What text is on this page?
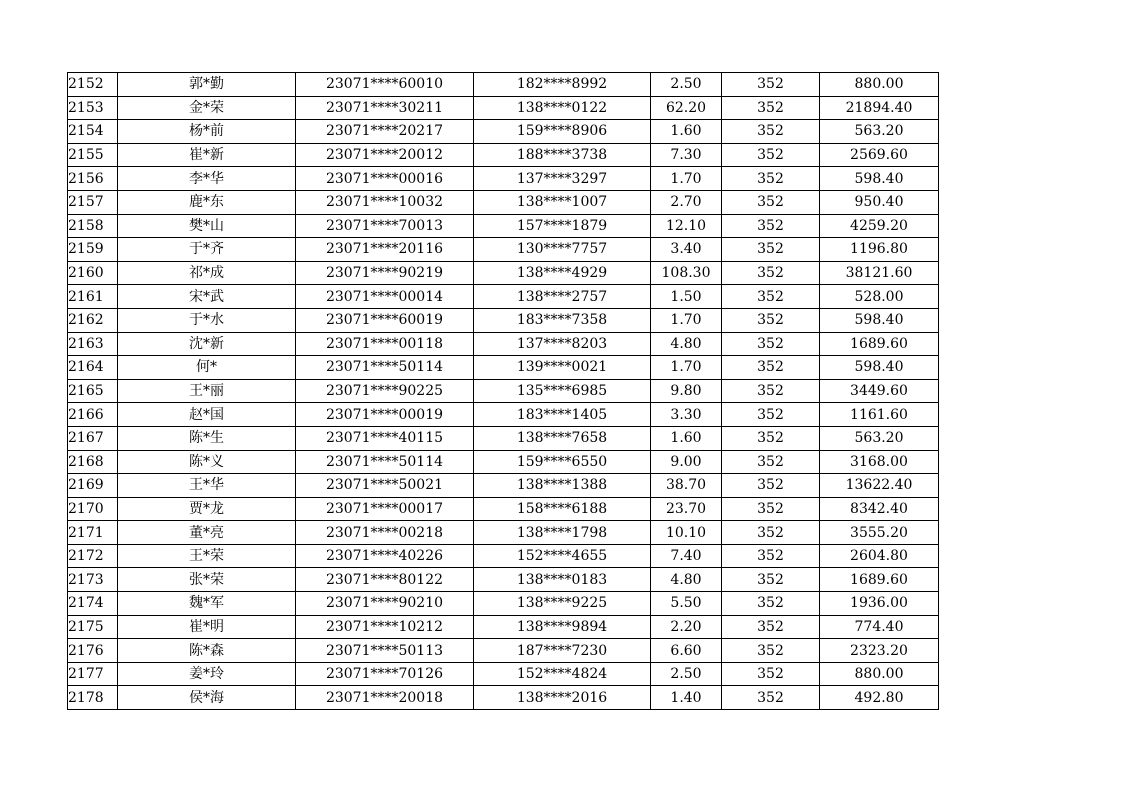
2152	郭*勤	23071****60010	182****8992	2.50	352	880.00
2153	金*荣	23071****30211	138****0122	62.20	352	21894.40
2154	杨*前	23071****20217	159****8906	1.60	352	563.20
2155	崔*新	23071****20012	188****3738	7.30	352	2569.60
2156	李*华	23071****00016	137****3297	1.70	352	598.40
2157	鹿*东	23071****10032	138****1007	2.70	352	950.40
2158	樊*山	23071****70013	157****1879	12.10	352	4259.20
2159	于*齐	23071****20116	130****7757	3.40	352	1196.80
2160	祁*成	23071****90219	138****4929	108.30	352	38121.60
2161	宋*武	23071****00014	138****2757	1.50	352	528.00
2162	于*水	23071****60019	183****7358	1.70	352	598.40
2163	沈*新	23071****00118	137****8203	4.80	352	1689.60
2164	何*	23071****50114	139****0021	1.70	352	598.40
2165	王*丽	23071****90225	135****6985	9.80	352	3449.60
2166	赵*国	23071****00019	183****1405	3.30	352	1161.60
2167	陈*生	23071****40115	138****7658	1.60	352	563.20
2168	陈*义	23071****50114	159****6550	9.00	352	3168.00
2169	王*华	23071****50021	138****1388	38.70	352	13622.40
2170	贾*龙	23071****00017	158****6188	23.70	352	8342.40
2171	董*亮	23071****00218	138****1798	10.10	352	3555.20
2172	王*荣	23071****40226	152****4655	7.40	352	2604.80
2173	张*荣	23071****80122	138****0183	4.80	352	1689.60
2174	魏*军	23071****90210	138****9225	5.50	352	1936.00
2175	崔*明	23071****10212	138****9894	2.20	352	774.40
2176	陈*森	23071****50113	187****7230	6.60	352	2323.20
2177	姜*玲	23071****70126	152****4824	2.50	352	880.00
2178	侯*海	23071****20018	138****2016	1.40	352	492.80
